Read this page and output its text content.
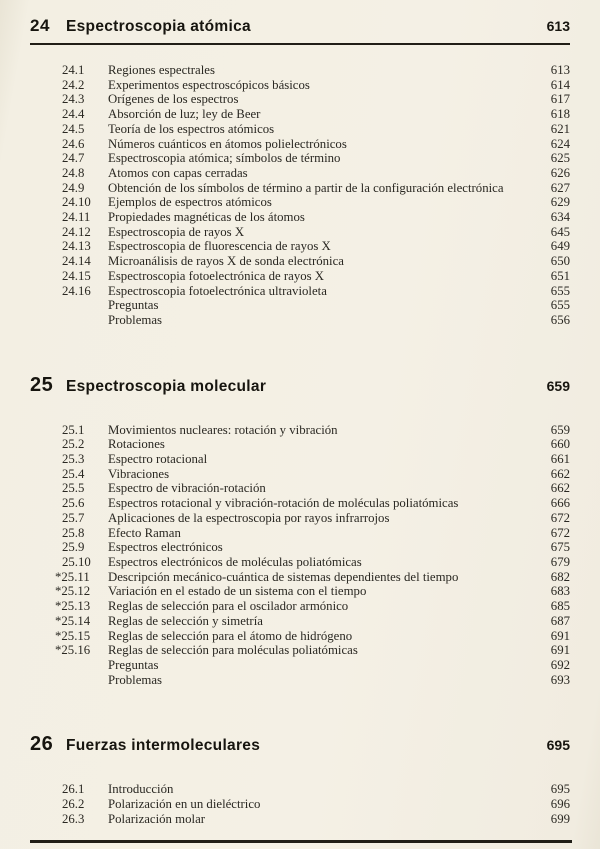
24	Espectroscopia atómica	613
24.1	Regiones espectrales	613
24.2	Experimentos espectroscópicos básicos	614
24.3	Orígenes de los espectros	617
24.4	Absorción de luz; ley de Beer	618
24.5	Teoría de los espectros atómicos	621
24.6	Números cuánticos en átomos polielectrónicos	624
24.7	Espectroscopia atómica; símbolos de término	625
24.8	Atomos con capas cerradas	626
24.9	Obtención de los símbolos de término a partir de la configuración electrónica	627
24.10	Ejemplos de espectros atómicos	629
24.11	Propiedades magnéticas de los átomos	634
24.12	Espectroscopia de rayos X	645
24.13	Espectroscopia de fluorescencia de rayos X	649
24.14	Microanálisis de rayos X de sonda electrónica	650
24.15	Espectroscopia fotoelectrónica de rayos X	651
24.16	Espectroscopia fotoelectrónica ultravioleta	655
Preguntas	655
Problemas	656
25 Espectroscopia molecular	659
25.1	Movimientos nucleares: rotación y vibración	659
25.2	Rotaciones	660
25.3	Espectro rotacional	661
25.4	Vibraciones	662
25.5	Espectro de vibración-rotación	662
25.6	Espectros rotacional y vibración-rotación de moléculas poliatómicas	666
25.7	Aplicaciones de la espectroscopia por rayos infrarrojos	672
25.8	Efecto Raman	672
25.9	Espectros electrónicos	675
25.10	Espectros electrónicos de moléculas poliatómicas	679
*25.11	Descripción mecánico-cuántica de sistemas dependientes del tiempo	682
*25.12	Variación en el estado de un sistema con el tiempo	683
*25.13	Reglas de selección para el oscilador armónico	685
*25.14	Reglas de selección y simetría	687
*25.15	Reglas de selección para el átomo de hidrógeno	691
*25.16	Reglas de selección para moléculas poliatómicas	691
Preguntas	692
Problemas	693
26 Fuerzas intermoleculares	695
26.1	Introducción	695
26.2	Polarización en un dieléctrico	696
26.3	Polarización molar	699
